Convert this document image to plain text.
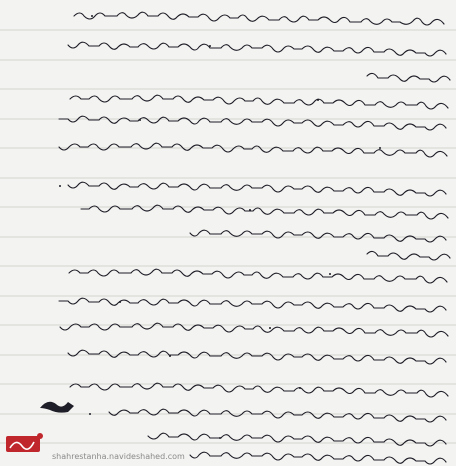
shahrestanha.navideshahed.com
